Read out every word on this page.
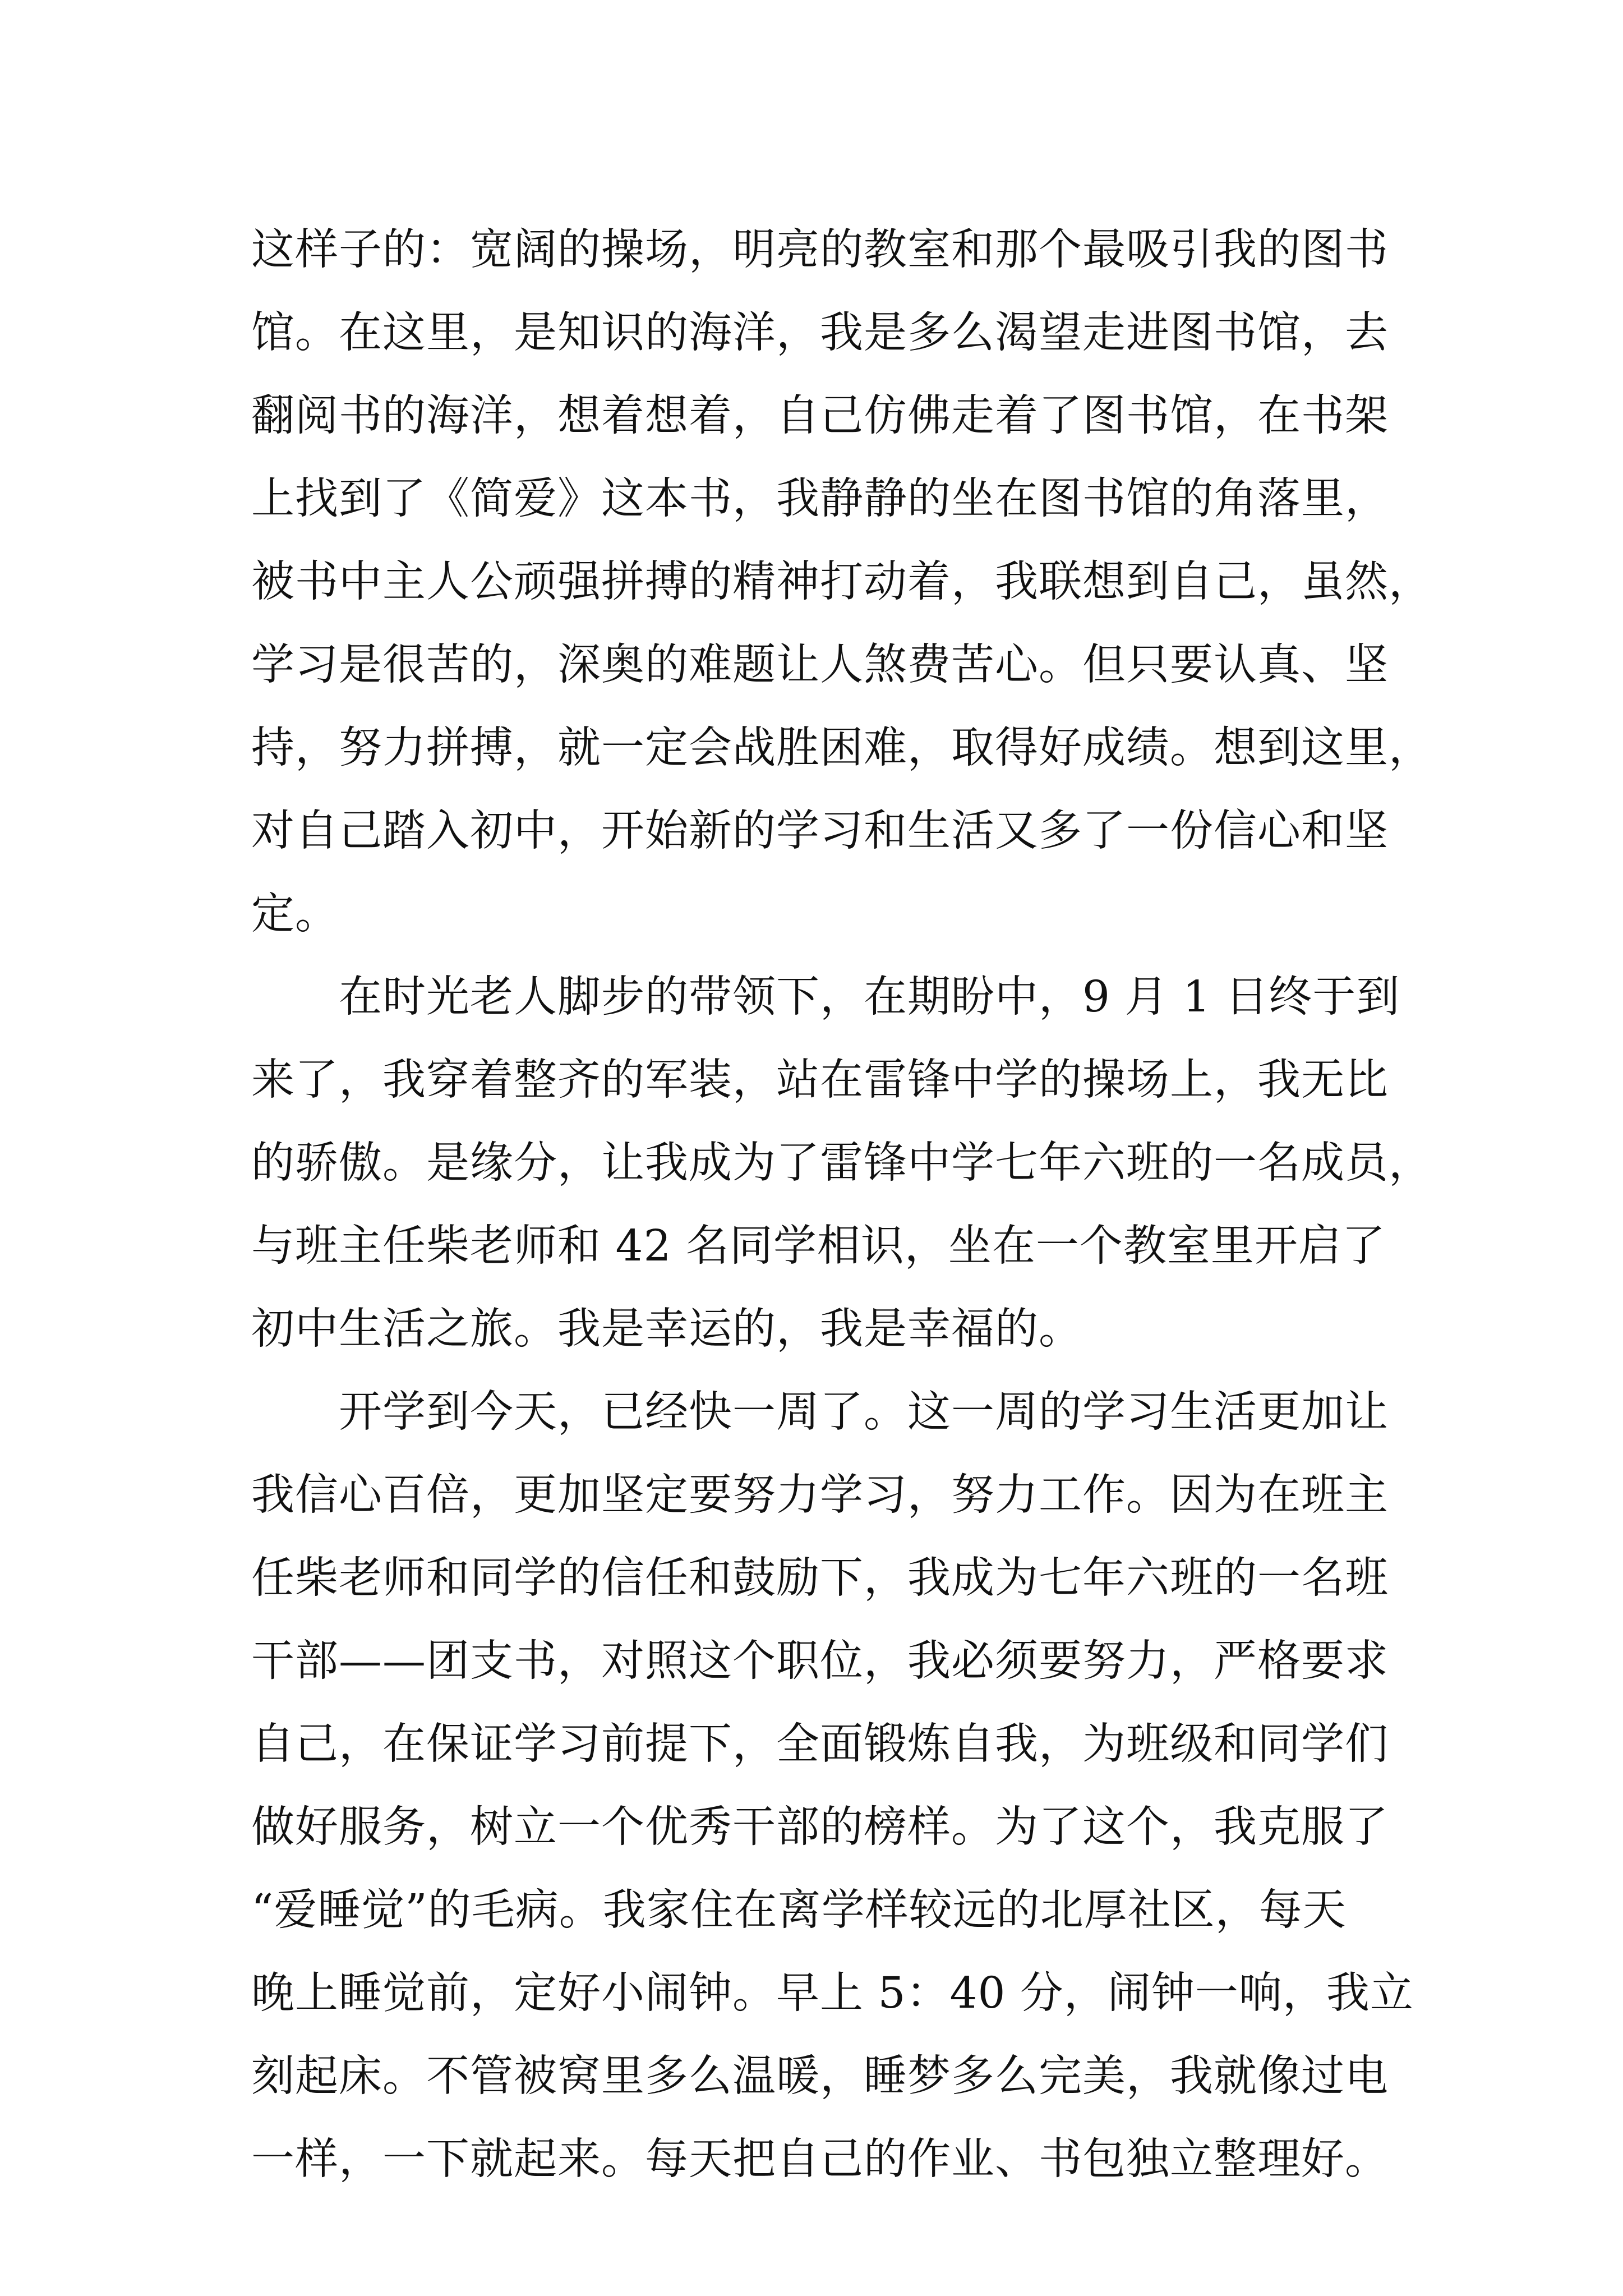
这样子的：宽阔的操场，明亮的教室和那个最吸引我的图书
馆。在这里，是知识的海洋，我是多么渴望走进图书馆，去
翻阅书的海洋，想着想着，自己仿佛走着了图书馆，在书架
上找到了《简爱》这本书，我静静的坐在图书馆的角落里，
被书中主人公顽强拼搏的精神打动着，我联想到自己，虽然，
学习是很苦的，深奥的难题让人煞费苦心。但只要认真、坚
持，努力拼搏，就一定会战胜困难，取得好成绩。想到这里，
对自己踏入初中，开始新的学习和生活又多了一份信心和坚
定。
在时光老人脚步的带领下，在期盼中，9 月 1 日终于到
来了，我穿着整齐的军装，站在雷锋中学的操场上，我无比
的骄傲。是缘分，让我成为了雷锋中学七年六班的一名成员，
与班主任柴老师和 42 名同学相识，坐在一个教室里开启了
初中生活之旅。我是幸运的，我是幸福的。
开学到今天，已经快一周了。这一周的学习生活更加让
我信心百倍，更加坚定要努力学习，努力工作。因为在班主
任柴老师和同学的信任和鼓励下，我成为七年六班的一名班
干部——团支书，对照这个职位，我必须要努力，严格要求
自己，在保证学习前提下，全面锻炼自我，为班级和同学们
做好服务，树立一个优秀干部的榜样。为了这个，我克服了
“爱睡觉”的毛病。我家住在离学样较远的北厚社区，每天
晚上睡觉前，定好小闹钟。早上 5：40 分，闹钟一响，我立
刻起床。不管被窝里多么温暖，睡梦多么完美，我就像过电
一样，一下就起来。每天把自己的作业、书包独立整理好。
